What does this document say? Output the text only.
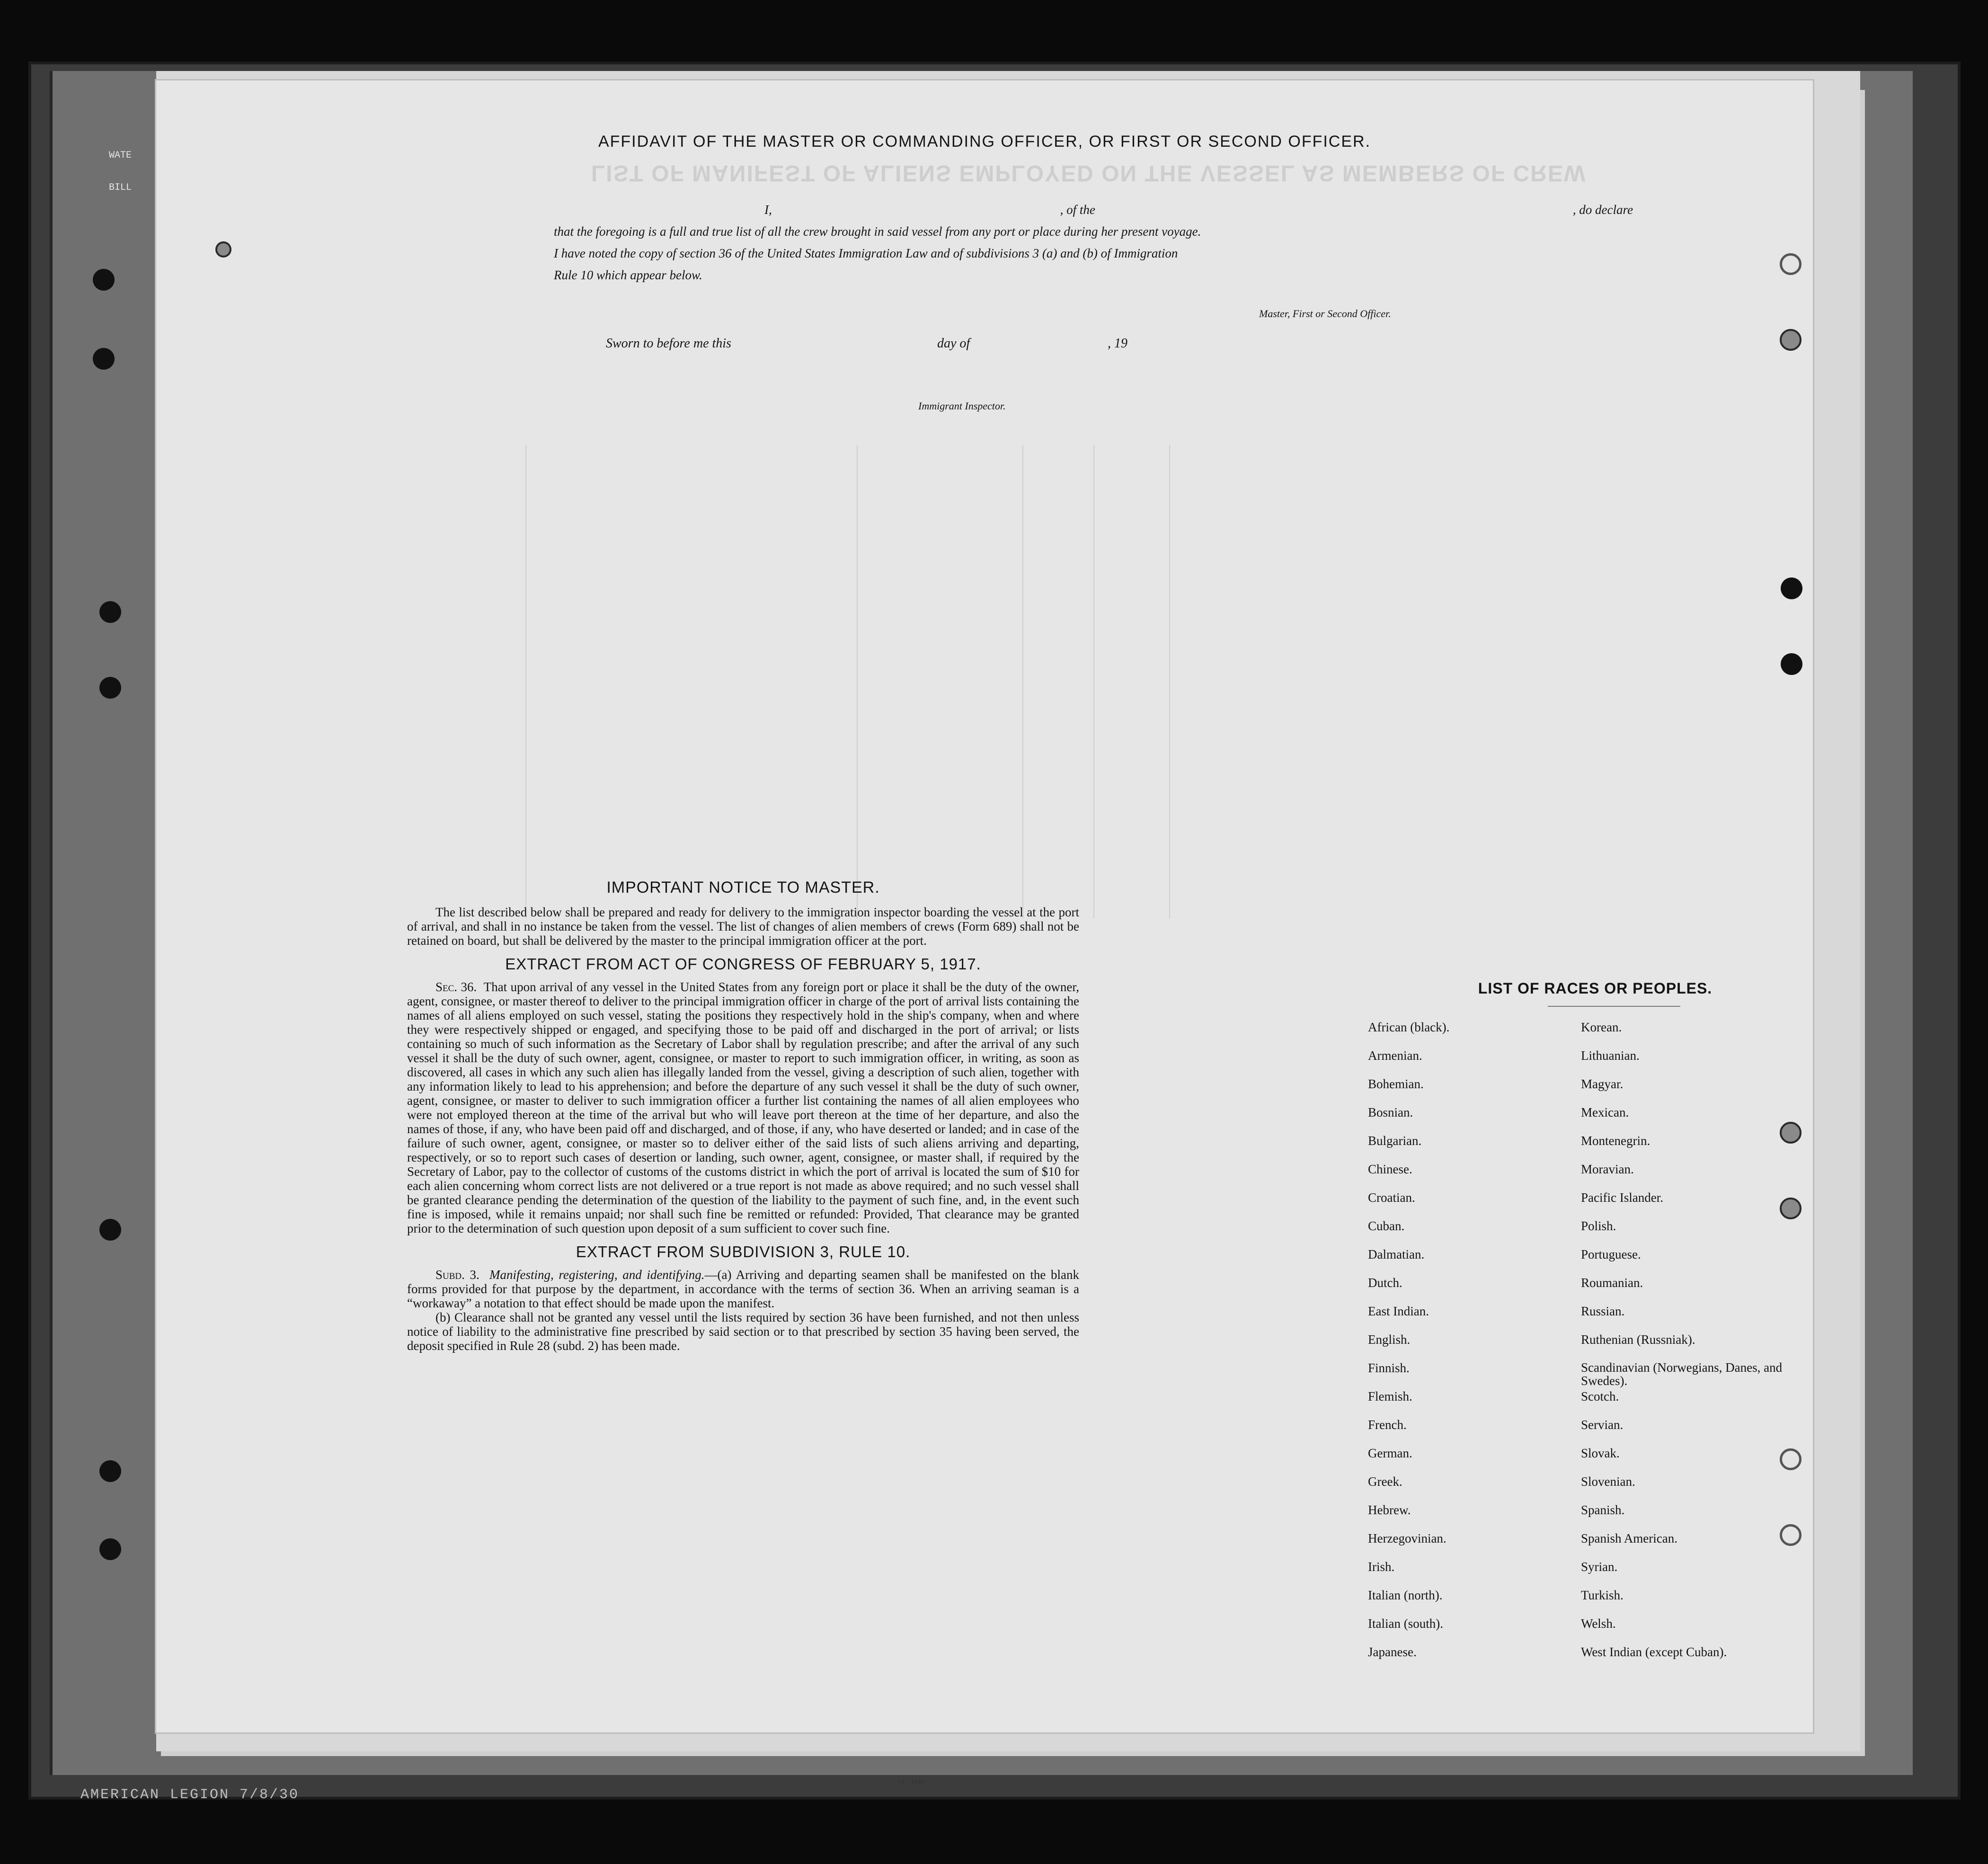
WATE
BILL
AFFIDAVIT OF THE MASTER OR COMMANDING OFFICER, OR FIRST OR SECOND OFFICER.
LIST OF MANIFEST OF ALIENS EMPLOYED ON THE VESSEL AS MEMBERS OF CREW
I,	, of the	, do declare
that the foregoing is a full and true list of all the crew brought in said vessel from any port or place during her present voyage.
I have noted the copy of section 36 of the United States Immigration Law and of subdivisions 3 (a) and (b) of Immigration
Rule 10 which appear below.
Master, First or Second Officer.
Sworn to before me this	day of	, 19
Immigrant Inspector.
IMPORTANT NOTICE TO MASTER.

The list described below shall be prepared and ready for delivery to the immigration inspector boarding the vessel at the port of arrival, and shall in no instance be taken from the vessel. The list of changes of alien members of crews (Form 689) shall not be retained on board, but shall be delivered by the master to the principal immigration officer at the port.

EXTRACT FROM ACT OF CONGRESS OF FEBRUARY 5, 1917.

Sec. 36. That upon arrival of any vessel in the United States from any foreign port or place it shall be the duty of the owner, agent, consignee, or master thereof to deliver to the principal immigration officer in charge of the port of arrival lists containing the names of all aliens employed on such vessel, stating the positions they respectively hold in the ship's company, when and where they were respectively shipped or engaged, and specifying those to be paid off and discharged in the port of arrival; or lists containing so much of such information as the Secretary of Labor shall by regulation prescribe; and after the arrival of any such vessel it shall be the duty of such owner, agent, consignee, or master to report to such immigration officer, in writing, as soon as discovered, all cases in which any such alien has illegally landed from the vessel, giving a description of such alien, together with any information likely to lead to his apprehension; and before the departure of any such vessel it shall be the duty of such owner, agent, consignee, or master to deliver to such immigration officer a further list containing the names of all alien employees who were not employed thereon at the time of the arrival but who will leave port thereon at the time of her departure, and also the names of those, if any, who have been paid off and discharged, and of those, if any, who have deserted or landed; and in case of the failure of such owner, agent, consignee, or master so to deliver either of the said lists of such aliens arriving and departing, respectively, or so to report such cases of desertion or landing, such owner, agent, consignee, or master shall, if required by the Secretary of Labor, pay to the collector of customs of the customs district in which the port of arrival is located the sum of $10 for each alien concerning whom correct lists are not delivered or a true report is not made as above required; and no such vessel shall be granted clearance pending the determination of the question of the liability to the payment of such fine, and, in the event such fine is imposed, while it remains unpaid; nor shall such fine be remitted or refunded: Provided, That clearance may be granted prior to the determination of such question upon deposit of a sum sufficient to cover such fine.

EXTRACT FROM SUBDIVISION 3, RULE 10.

Subd. 3. Manifesting, registering, and identifying.—(a) Arriving and departing seamen shall be manifested on the blank forms provided for that purpose by the department, in accordance with the terms of section 36. When an arriving seaman is a “workaway” a notation to that effect should be made upon the manifest.

(b) Clearance shall not be granted any vessel until the lists required by section 36 have been furnished, and not then unless notice of liability to the administrative fine prescribed by said section or to that prescribed by section 35 having been served, the deposit specified in Rule 28 (subd. 2) has been made.

14—1249
LIST OF RACES OR PEOPLES.
African (black).	Korean.
Armenian.	Lithuanian.
Bohemian.	Magyar.
Bosnian.	Mexican.
Bulgarian.	Montenegrin.
Chinese.	Moravian.
Croatian.	Pacific Islander.
Cuban.	Polish.
Dalmatian.	Portuguese.
Dutch.	Roumanian.
East Indian.	Russian.
English.	Ruthenian (Russniak).
Finnish.	Scandinavian (Norwegians, Danes, and Swedes).
Flemish.	Scotch.
French.	Servian.
German.	Slovak.
Greek.	Slovenian.
Hebrew.	Spanish.
Herzegovinian.	Spanish American.
Irish.	Syrian.
Italian (north).	Turkish.
Italian (south).	Welsh.
Japanese.	West Indian (except Cuban).
AMERICAN LEGION 7/8/30
